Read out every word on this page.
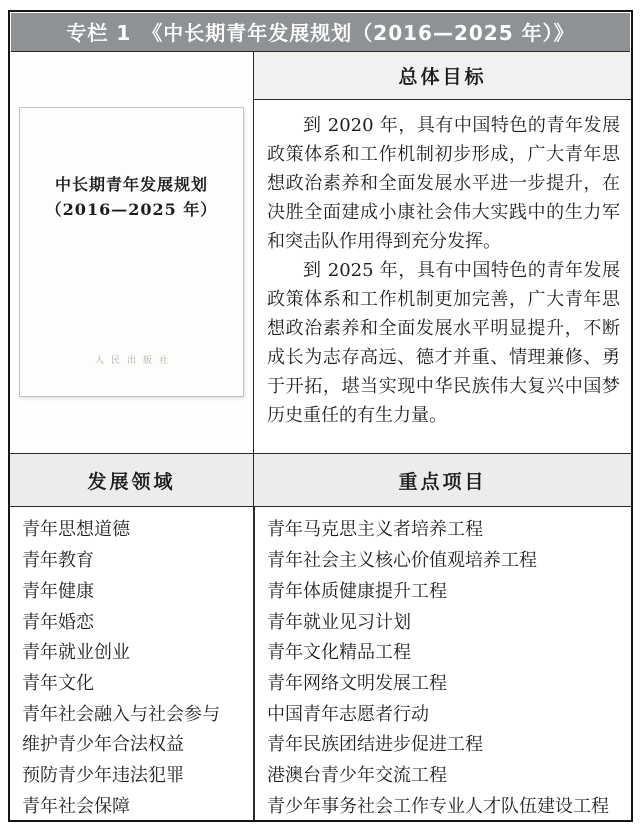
专栏 1　《中长期青年发展规划（2016—2025 年）》
中长期青年发展规划
（2016—2025 年）
人民出版社
总体目标

到 2020 年，具有中国特色的青年发展政策体系和工作机制初步形成，广大青年思想政治素养和全面发展水平进一步提升，在决胜全面建成小康社会伟大实践中的生力军和突击队作用得到充分发挥。

到 2025 年，具有中国特色的青年发展政策体系和工作机制更加完善，广大青年思想政治素养和全面发展水平明显提升，不断成长为志存高远、德才并重、情理兼修、勇于开拓，堪当实现中华民族伟大复兴中国梦历史重任的有生力量。

发展领域	重点项目
青年思想道德	青年马克思主义者培养工程
青年教育	青年社会主义核心价值观培养工程
青年健康	青年体质健康提升工程
青年婚恋	青年就业见习计划
青年就业创业	青年文化精品工程
青年文化	青年网络文明发展工程
青年社会融入与社会参与	中国青年志愿者行动
维护青少年合法权益	青年民族团结进步促进工程
预防青少年违法犯罪	港澳台青少年交流工程
青年社会保障	青少年事务社会工作专业人才队伍建设工程
